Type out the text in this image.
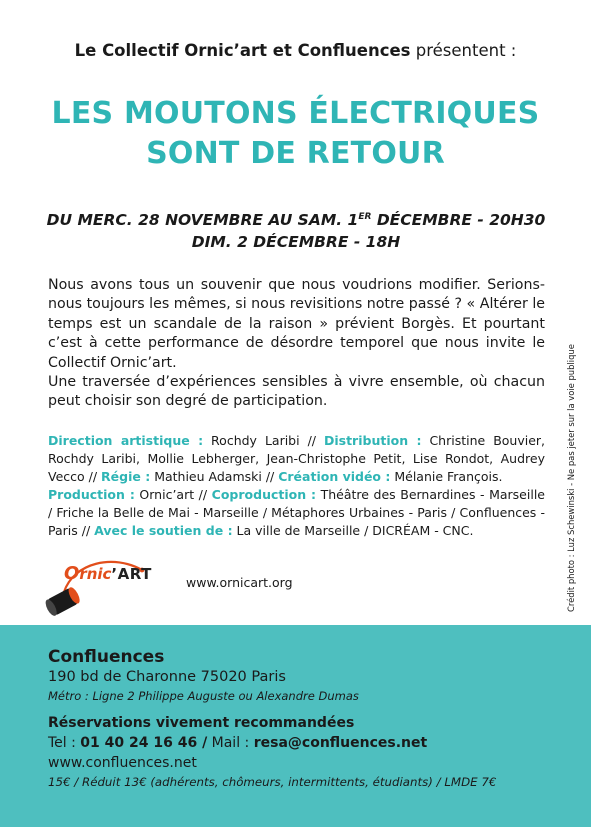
Le Collectif Ornic’art et Confluences présentent :
LES MOUTONS ÉLECTRIQUES
SONT DE RETOUR
DU MERC. 28 NOVEMBRE AU SAM. 1ER DÉCEMBRE - 20H30
DIM. 2 DÉCEMBRE - 18H

Nous avons tous un souvenir que nous voudrions modifier. Serions-nous toujours les mêmes, si nous revisitions notre passé ? « Altérer le temps est un scandale de la raison » prévient Borgès. Et pourtant c’est à cette performance de désordre temporel que nous invite le Collectif Ornic’art.

Une traversée d’expériences sensibles à vivre ensemble, où chacun peut choisir son degré de participation.

Direction artistique : Rochdy Laribi // Distribution : Christine Bouvier, Rochdy Laribi, Mollie Lebherger, Jean-Christophe Petit, Lise Rondot, Audrey Vecco // Régie : Mathieu Adamski // Création vidéo : Mélanie François.
Production : Ornic’art // Coproduction : Théâtre des Bernardines - Marseille / Friche la Belle de Mai - Marseille / Métaphores Urbaines - Paris / Confluences - Paris // Avec le soutien de : La ville de Marseille / DICRÉAM - CNC.	Crédit photo : Luz Schewinski - Ne pas jeter sur la voie publique
Ornic’ART	www.ornicart.org
Confluences
190 bd de Charonne 75020 Paris
Métro : Ligne 2 Philippe Auguste ou Alexandre Dumas
Réservations vivement recommandées
Tel : 01 40 24 16 46 / Mail : resa@confluences.net
www.confluences.net
15€ / Réduit 13€ (adhérents, chômeurs, intermittents, étudiants) / LMDE 7€
